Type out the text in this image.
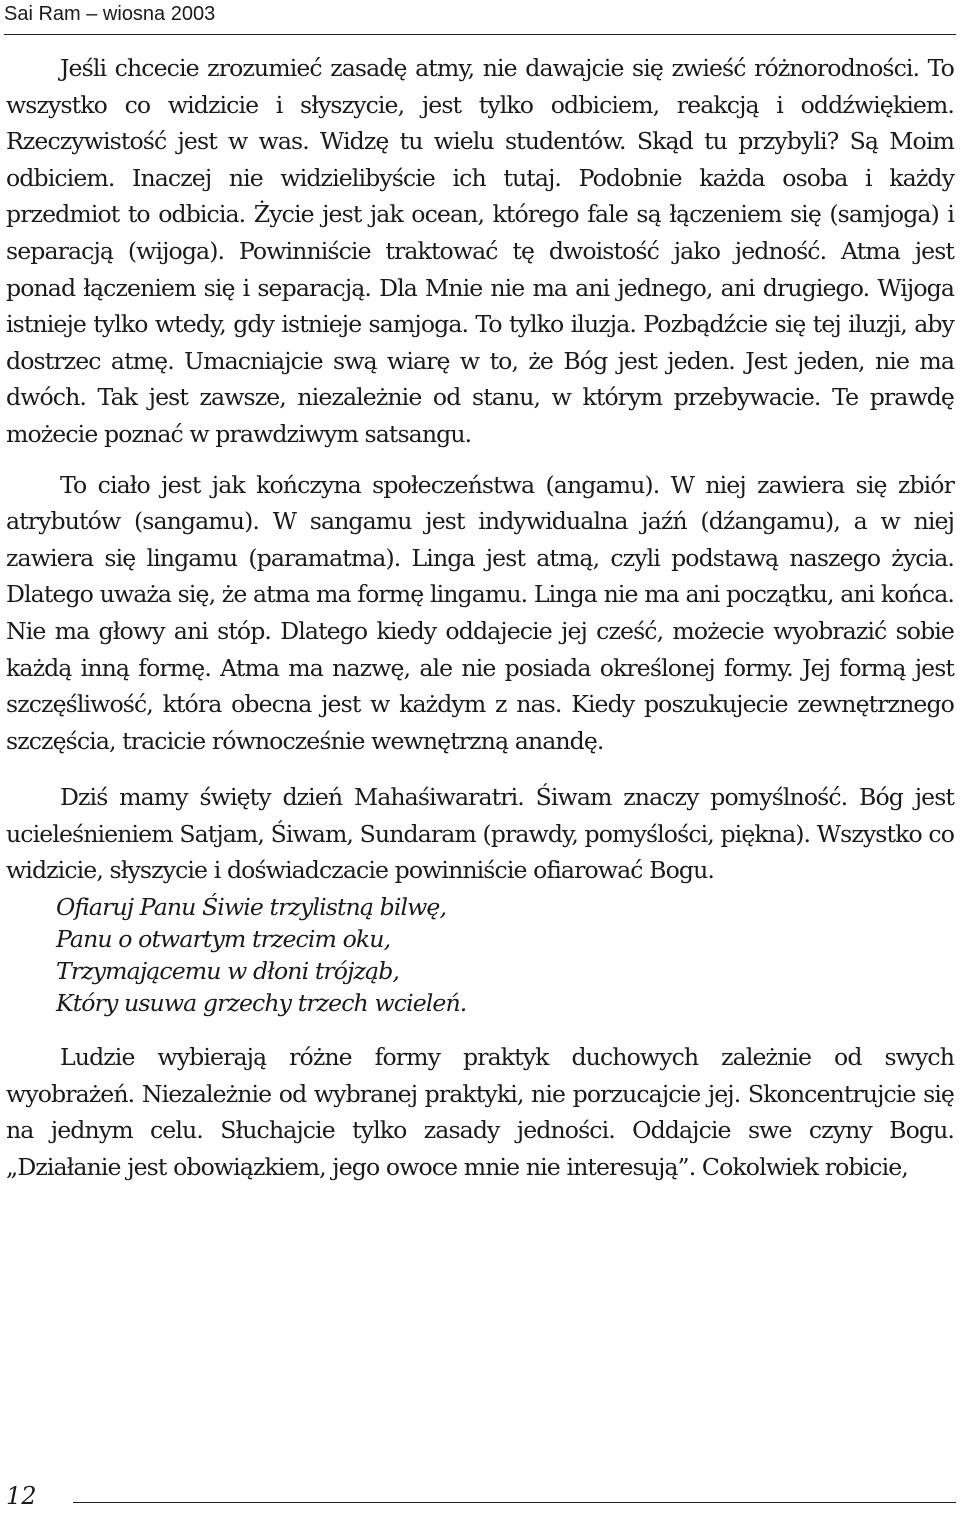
Sai Ram – wiosna 2003

Jeśli chcecie zrozumieć zasadę atmy, nie dawajcie się zwieść różnorodności. To wszystko co widzicie i słyszycie, jest tylko odbiciem, reakcją i oddźwiękiem. Rzeczywistość jest w was. Widzę tu wielu studentów. Skąd tu przybyli? Są Moim odbiciem. Inaczej nie widzielibyście ich tutaj. Podobnie każda osoba i każdy przedmiot to odbicia. Życie jest jak ocean, którego fale są łączeniem się (samjoga) i separacją (wijoga). Powinniście traktować tę dwoistość jako jedność. Atma jest ponad łączeniem się i separacją. Dla Mnie nie ma ani jednego, ani drugiego. Wijoga istnieje tylko wtedy, gdy istnieje samjoga. To tylko iluzja. Pozbądźcie się tej iluzji, aby dostrzec atmę. Umacniajcie swą wiarę w to, że Bóg jest jeden. Jest jeden, nie ma dwóch. Tak jest zawsze, niezależnie od stanu, w którym przebywacie. Te prawdę możecie poznać w prawdziwym satsangu.

To ciało jest jak kończyna społeczeństwa (angamu). W niej zawiera się zbiór atrybutów (sangamu). W sangamu jest indywidualna jaźń (dźangamu), a w niej zawiera się lingamu (paramatma). Linga jest atmą, czyli podstawą naszego życia. Dlatego uważa się, że atma ma formę lingamu. Linga nie ma ani początku, ani końca. Nie ma głowy ani stóp. Dlatego kiedy oddajecie jej cześć, możecie wyobrazić sobie każdą inną formę. Atma ma nazwę, ale nie posiada określonej formy. Jej formą jest szczęśliwość, która obecna jest w każdym z nas. Kiedy poszukujecie zewnętrznego szczęścia, tracicie równocześnie wewnętrzną anandę.

Dziś mamy święty dzień Mahaśiwaratri. Śiwam znaczy pomyślność. Bóg jest ucieleśnieniem Satjam, Śiwam, Sundaram (prawdy, pomyślości, piękna). Wszystko co widzicie, słyszycie i doświadczacie powinniście ofiarować Bogu.

Ofiaruj Panu Śiwie trzylistną bilwę,
Panu o otwartym trzecim oku,
Trzymającemu w dłoni trójząb,
Który usuwa grzechy trzech wcieleń.

Ludzie wybierają różne formy praktyk duchowych zależnie od swych wyobrażeń. Niezależnie od wybranej praktyki, nie porzucajcie jej. Skoncentrujcie się na jednym celu. Słuchajcie tylko zasady jedności. Oddajcie swe czyny Bogu. „Działanie jest obowiązkiem, jego owoce mnie nie interesują”. Cokolwiek robicie,

12
